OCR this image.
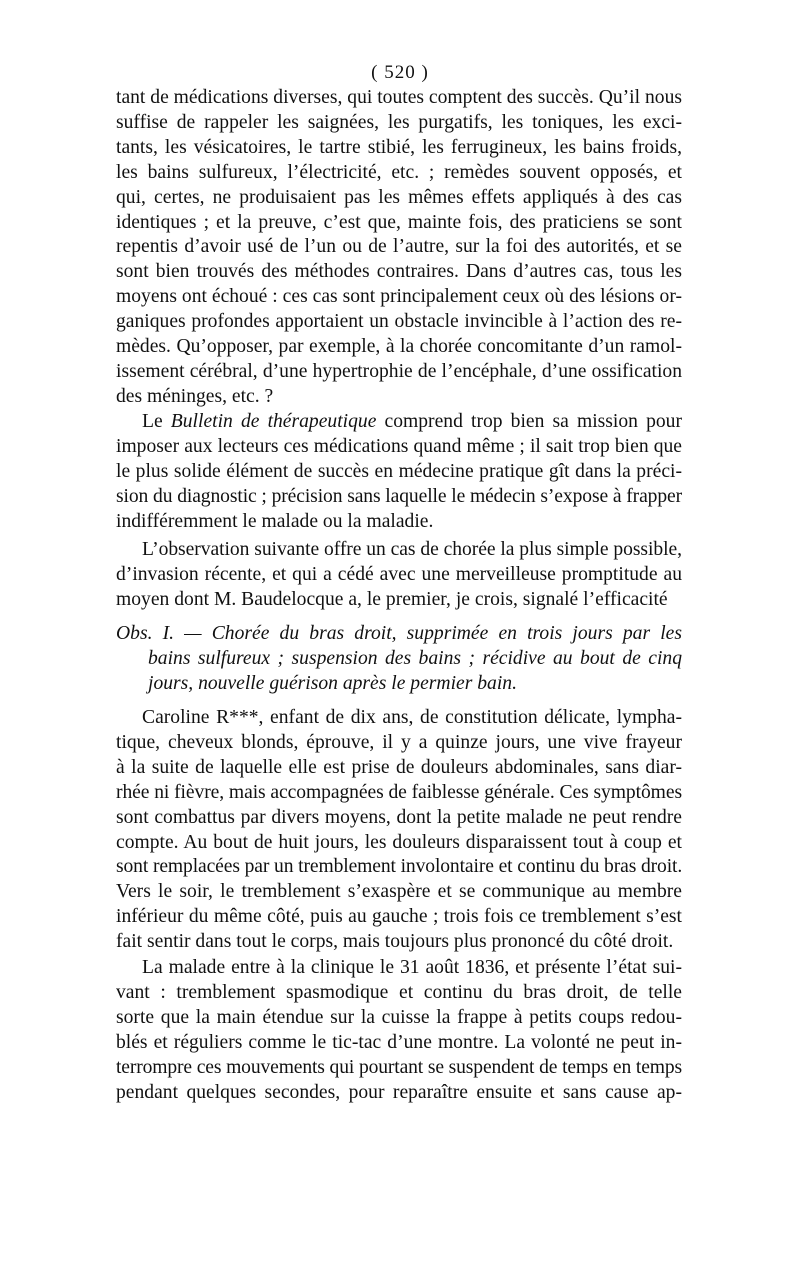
( 520 )
tant de médications diverses, qui toutes comptent des succès. Qu’il nous
suffise de rappeler les saignées, les purgatifs, les toniques, les exci-
tants, les vésicatoires, le tartre stibié, les ferrugineux, les bains froids,
les bains sulfureux, l’électricité, etc. ; remèdes souvent opposés, et
qui, certes, ne produisaient pas les mêmes effets appliqués à des cas
identiques ; et la preuve, c’est que, mainte fois, des praticiens se sont
repentis d’avoir usé de l’un ou de l’autre, sur la foi des autorités, et se
sont bien trouvés des méthodes contraires. Dans d’autres cas, tous les
moyens ont échoué : ces cas sont principalement ceux où des lésions or-
ganiques profondes apportaient un obstacle invincible à l’action des re-
mèdes. Qu’opposer, par exemple, à la chorée concomitante d’un ramol-
issement cérébral, d’une hypertrophie de l’encéphale, d’une ossification
des méninges, etc. ?
Le Bulletin de thérapeutique comprend trop bien sa mission pour
imposer aux lecteurs ces médications quand même ; il sait trop bien que
le plus solide élément de succès en médecine pratique gît dans la préci-
sion du diagnostic ; précision sans laquelle le médecin s’expose à frapper
indifféremment le malade ou la maladie.
L’observation suivante offre un cas de chorée la plus simple possible,
d’invasion récente, et qui a cédé avec une merveilleuse promptitude au
moyen dont M. Baudelocque a, le premier, je crois, signalé l’efficacité
Obs. I. — Chorée du bras droit, supprimée en trois jours par les
bains sulfureux ; suspension des bains ; récidive au bout de cinq
jours, nouvelle guérison après le permier bain.
Caroline R***, enfant de dix ans, de constitution délicate, lympha-
tique, cheveux blonds, éprouve, il y a quinze jours, une vive frayeur
à la suite de laquelle elle est prise de douleurs abdominales, sans diar-
rhée ni fièvre, mais accompagnées de faiblesse générale. Ces symptômes
sont combattus par divers moyens, dont la petite malade ne peut rendre
compte. Au bout de huit jours, les douleurs disparaissent tout à coup et
sont remplacées par un tremblement involontaire et continu du bras droit.
Vers le soir, le tremblement s’exaspère et se communique au membre
inférieur du même côté, puis au gauche ; trois fois ce tremblement s’est
fait sentir dans tout le corps, mais toujours plus prononcé du côté droit.
La malade entre à la clinique le 31 août 1836, et présente l’état sui-
vant : tremblement spasmodique et continu du bras droit, de telle
sorte que la main étendue sur la cuisse la frappe à petits coups redou-
blés et réguliers comme le tic-tac d’une montre. La volonté ne peut in-
terrompre ces mouvements qui pourtant se suspendent de temps en temps
pendant quelques secondes, pour reparaître ensuite et sans cause ap-
